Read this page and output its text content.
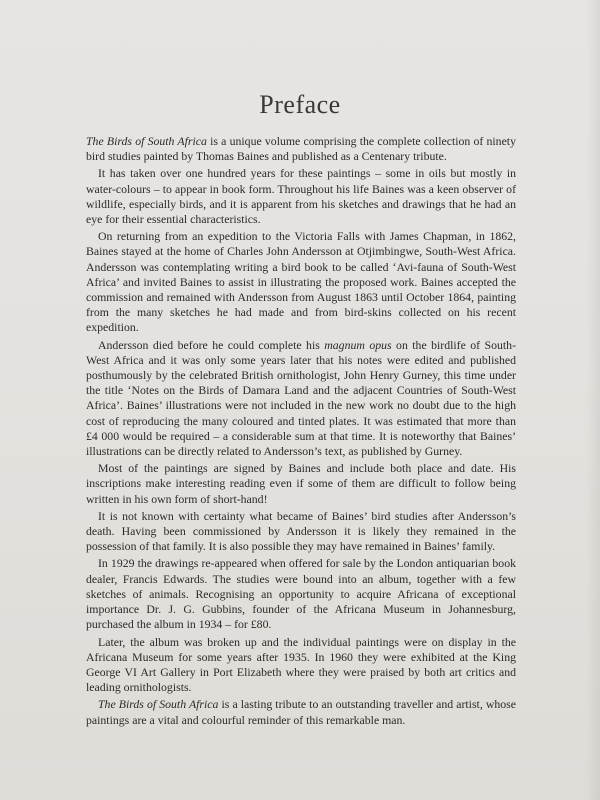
Preface

The Birds of South Africa is a unique volume comprising the complete collection of ninety bird studies painted by Thomas Baines and published as a Centenary tribute.

It has taken over one hundred years for these paintings – some in oils but mostly in water-colours – to appear in book form. Throughout his life Baines was a keen observer of wildlife, especially birds, and it is apparent from his sketches and drawings that he had an eye for their essential characteristics.

On returning from an expedition to the Victoria Falls with James Chapman, in 1862, Baines stayed at the home of Charles John Andersson at Otjimbingwe, South-West Africa. Andersson was contemplating writing a bird book to be called ‘Avi-fauna of South-West Africa’ and invited Baines to assist in illustrating the proposed work. Baines accepted the commission and remained with Andersson from August 1863 until October 1864, painting from the many sketches he had made and from bird-skins collected on his recent expedition.

Andersson died before he could complete his magnum opus on the birdlife of South-West Africa and it was only some years later that his notes were edited and published posthumously by the celebrated British ornithologist, John Henry Gurney, this time under the title ‘Notes on the Birds of Damara Land and the adjacent Countries of South-West Africa’. Baines’ illustrations were not included in the new work no doubt due to the high cost of reproducing the many coloured and tinted plates. It was estimated that more than £4 000 would be required – a considerable sum at that time. It is noteworthy that Baines’ illustrations can be directly related to Andersson’s text, as published by Gurney.

Most of the paintings are signed by Baines and include both place and date. His inscriptions make interesting reading even if some of them are difficult to follow being written in his own form of short-hand!

It is not known with certainty what became of Baines’ bird studies after Andersson’s death. Having been commissioned by Andersson it is likely they remained in the possession of that family. It is also possible they may have remained in Baines’ family.

In 1929 the drawings re-appeared when offered for sale by the London antiquarian book dealer, Francis Edwards. The studies were bound into an album, together with a few sketches of animals. Recognising an opportunity to acquire Africana of exceptional importance Dr. J. G. Gubbins, founder of the Africana Museum in Johannesburg, purchased the album in 1934 – for £80.

Later, the album was broken up and the individual paintings were on display in the Africana Museum for some years after 1935. In 1960 they were exhibited at the King George VI Art Gallery in Port Elizabeth where they were praised by both art critics and leading ornithologists.

The Birds of South Africa is a lasting tribute to an outstanding traveller and artist, whose paintings are a vital and colourful reminder of this remarkable man.
